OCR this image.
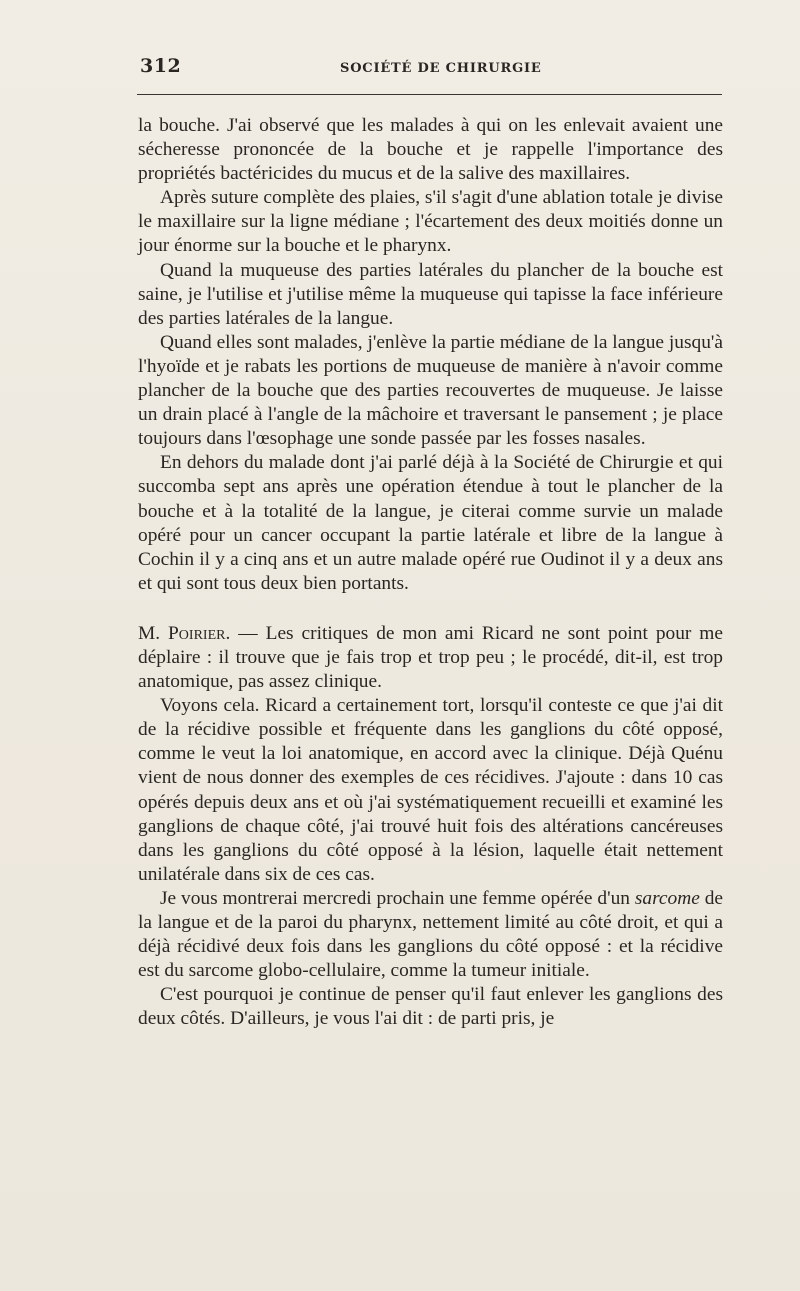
312	SOCIÉTÉ DE CHIRURGIE

la bouche. J'ai observé que les malades à qui on les enlevait avaient une sécheresse prononcée de la bouche et je rappelle l'importance des propriétés bactéricides du mucus et de la salive des maxillaires.

Après suture complète des plaies, s'il s'agit d'une ablation totale je divise le maxillaire sur la ligne médiane ; l'écartement des deux moitiés donne un jour énorme sur la bouche et le pharynx.

Quand la muqueuse des parties latérales du plancher de la bouche est saine, je l'utilise et j'utilise même la muqueuse qui tapisse la face inférieure des parties latérales de la langue.

Quand elles sont malades, j'enlève la partie médiane de la langue jusqu'à l'hyoïde et je rabats les portions de muqueuse de manière à n'avoir comme plancher de la bouche que des parties recouvertes de muqueuse. Je laisse un drain placé à l'angle de la mâchoire et traversant le pansement ; je place toujours dans l'œsophage une sonde passée par les fosses nasales.

En dehors du malade dont j'ai parlé déjà à la Société de Chirurgie et qui succomba sept ans après une opération étendue à tout le plancher de la bouche et à la totalité de la langue, je citerai comme survie un malade opéré pour un cancer occupant la partie latérale et libre de la langue à Cochin il y a cinq ans et un autre malade opéré rue Oudinot il y a deux ans et qui sont tous deux bien portants.

M. Poirier. — Les critiques de mon ami Ricard ne sont point pour me déplaire : il trouve que je fais trop et trop peu ; le procédé, dit-il, est trop anatomique, pas assez clinique.

Voyons cela. Ricard a certainement tort, lorsqu'il conteste ce que j'ai dit de la récidive possible et fréquente dans les ganglions du côté opposé, comme le veut la loi anatomique, en accord avec la clinique. Déjà Quénu vient de nous donner des exemples de ces récidives. J'ajoute : dans 10 cas opérés depuis deux ans et où j'ai systématiquement recueilli et examiné les ganglions de chaque côté, j'ai trouvé huit fois des altérations cancéreuses dans les ganglions du côté opposé à la lésion, laquelle était nettement unilatérale dans six de ces cas.

Je vous montrerai mercredi prochain une femme opérée d'un sarcome de la langue et de la paroi du pharynx, nettement limité au côté droit, et qui a déjà récidivé deux fois dans les ganglions du côté opposé : et la récidive est du sarcome globo-cellulaire, comme la tumeur initiale.

C'est pourquoi je continue de penser qu'il faut enlever les ganglions des deux côtés. D'ailleurs, je vous l'ai dit : de parti pris, je
